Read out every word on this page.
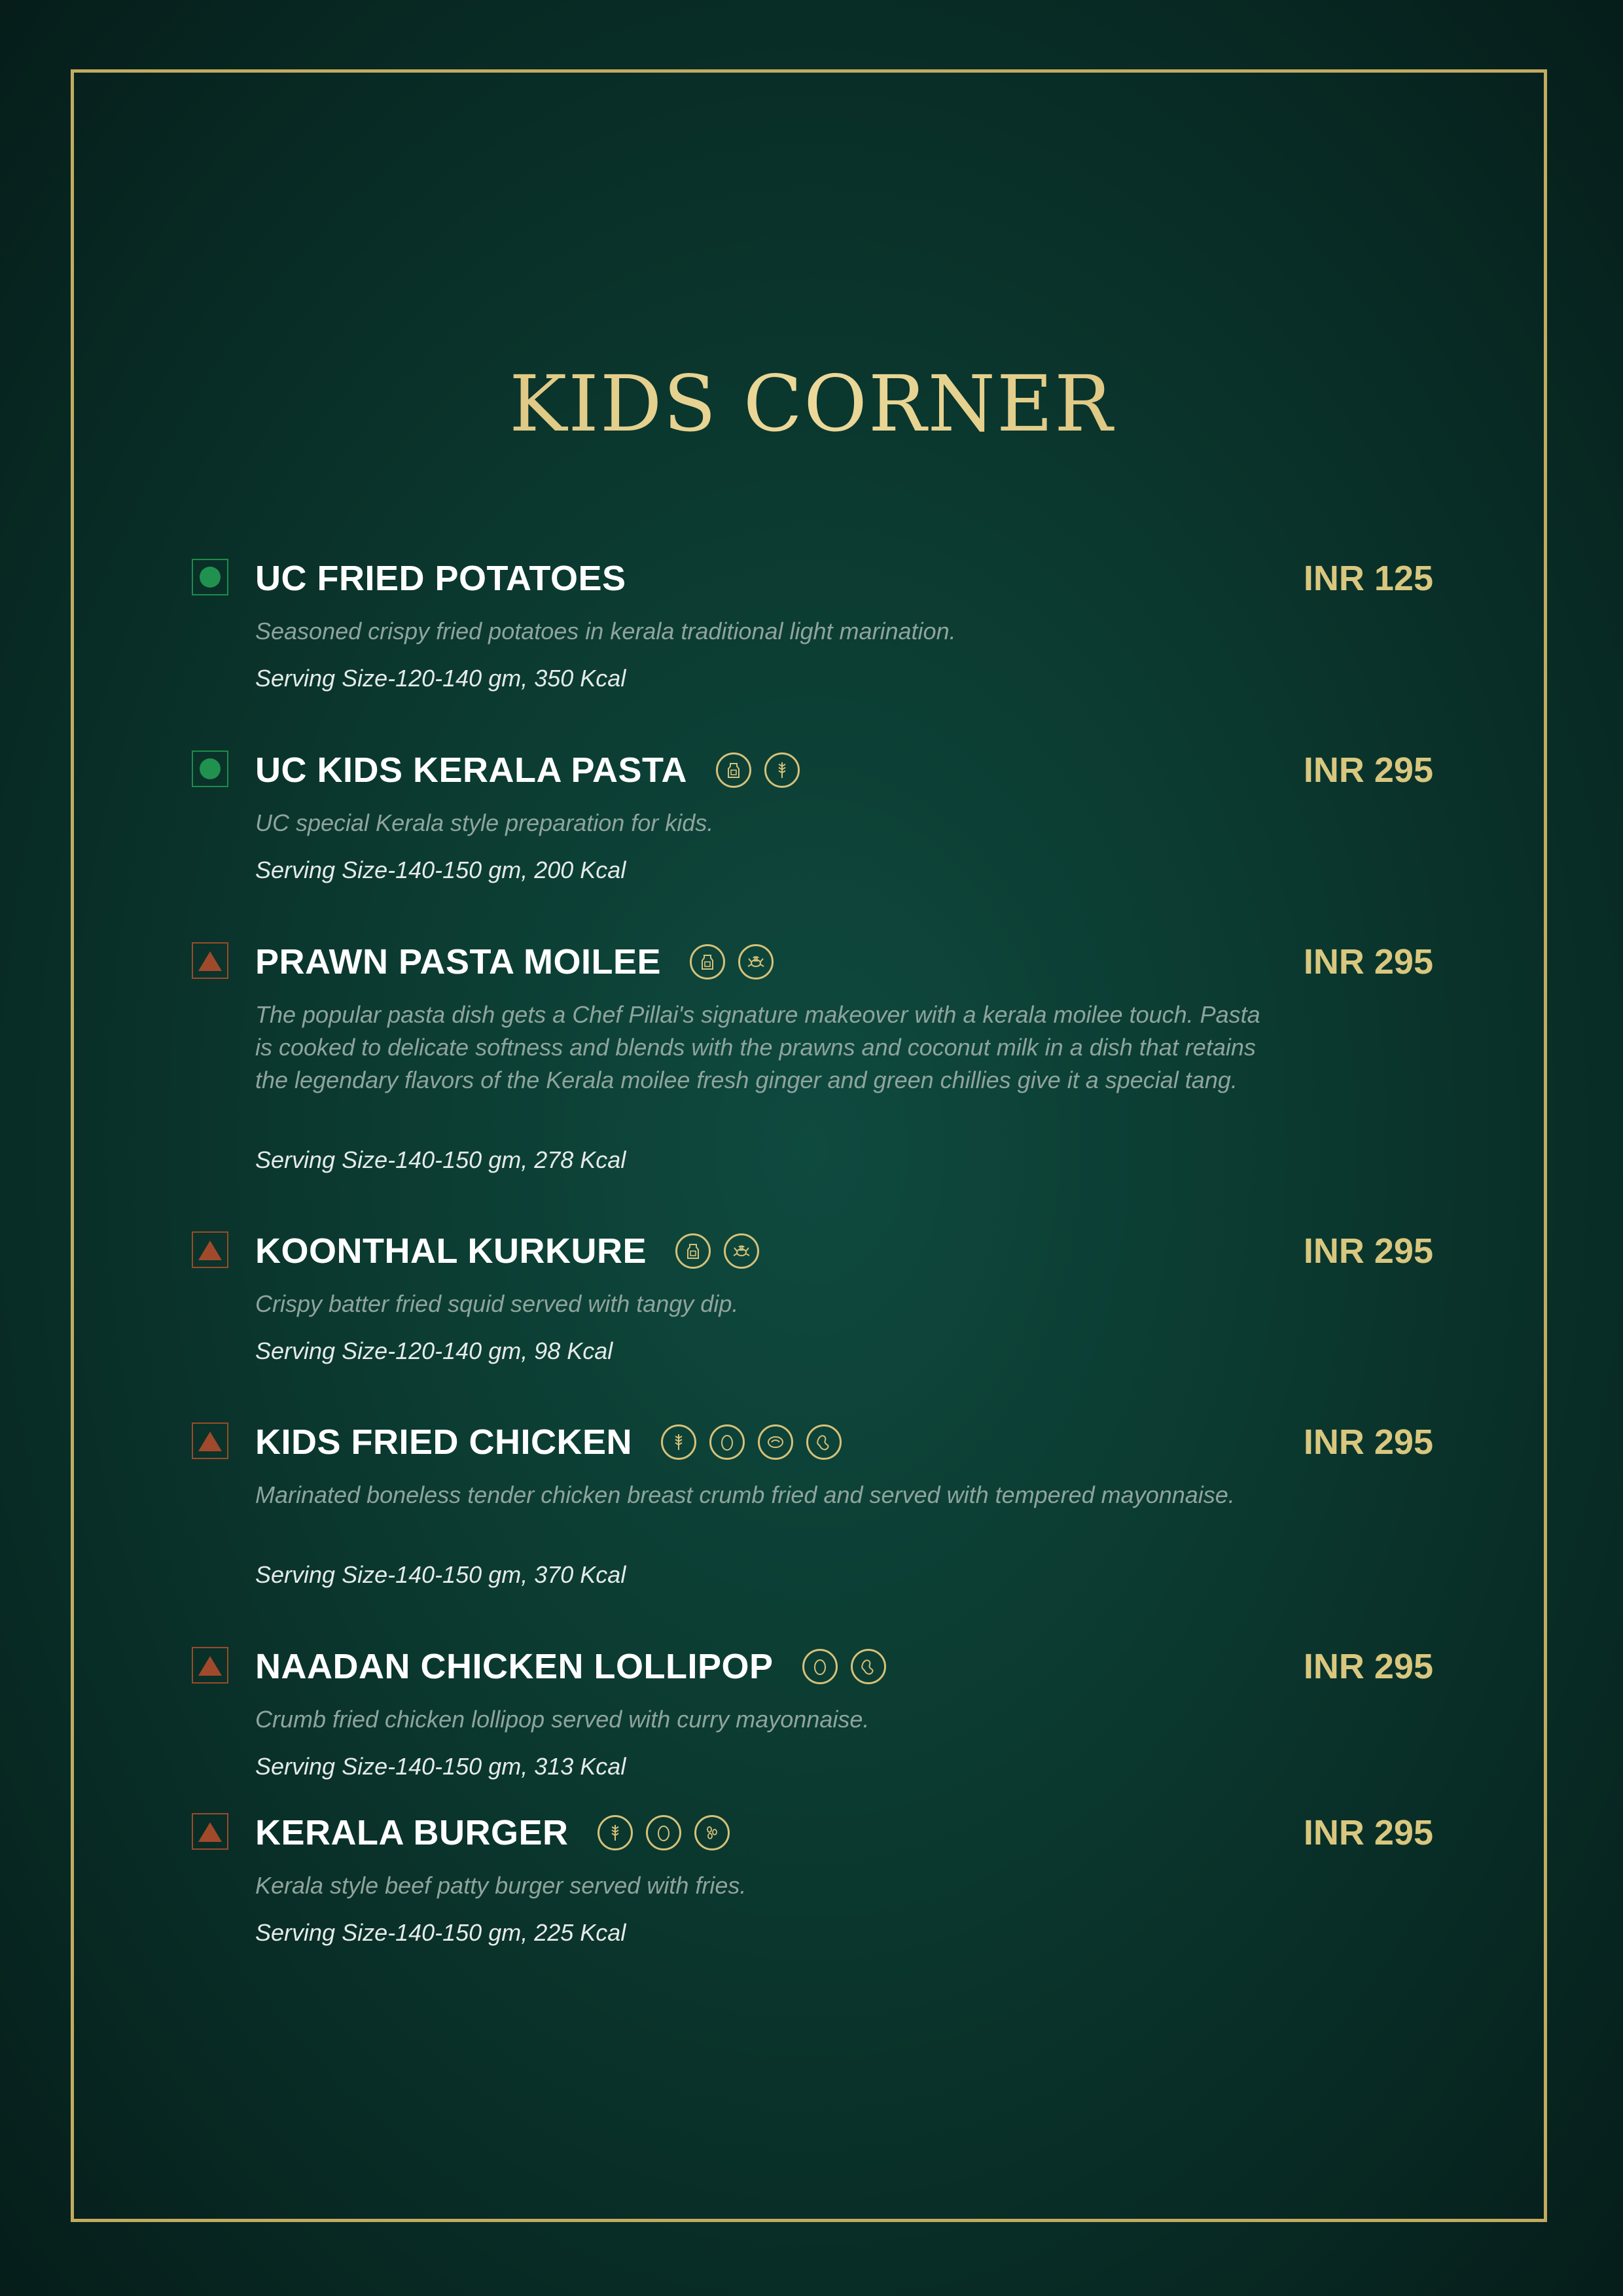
KIDS CORNER
UC FRIED POTATOES	INR 125
Seasoned crispy fried potatoes in kerala traditional light marination.
Serving Size-120-140 gm, 350 Kcal
UC KIDS KERALA PASTA	INR 295
UC special Kerala style preparation for kids.
Serving Size-140-150 gm, 200 Kcal
PRAWN PASTA MOILEE	INR 295
The popular pasta dish gets a Chef Pillai's signature makeover with a kerala moilee touch. Pasta is cooked to delicate softness and blends with the prawns and coconut milk in a dish that retains the legendary flavors of the Kerala moilee fresh ginger and green chillies give it a special tang.
Serving Size-140-150 gm, 278 Kcal
KOONTHAL KURKURE	INR 295
Crispy batter fried squid served with tangy dip.
Serving Size-120-140 gm, 98 Kcal
KIDS FRIED CHICKEN	INR 295
Marinated boneless tender chicken breast crumb fried and served with tempered mayonnaise.
Serving Size-140-150 gm, 370 Kcal
NAADAN CHICKEN LOLLIPOP	INR 295
Crumb fried chicken lollipop served with curry mayonnaise.
Serving Size-140-150 gm, 313 Kcal
KERALA BURGER	INR 295
Kerala style beef patty burger served with fries.
Serving Size-140-150 gm, 225 Kcal
